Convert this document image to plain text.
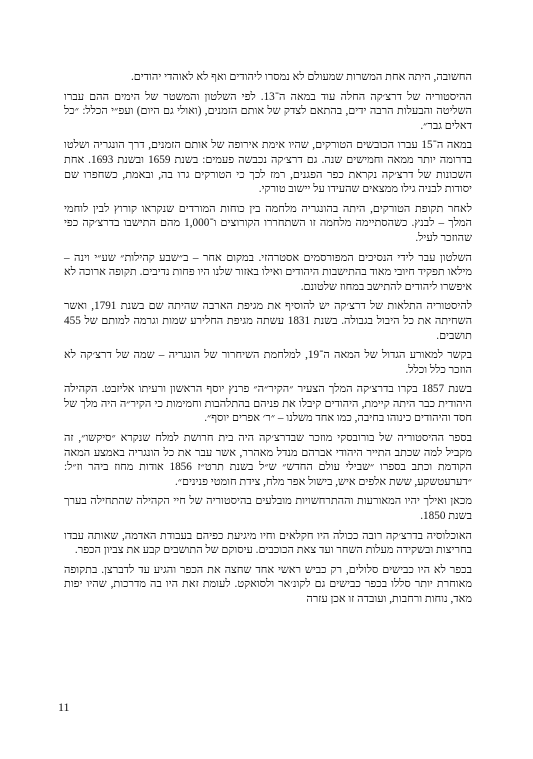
החשובה, היתה אחת המשרות שמעולם לא נמסרו ליהודים ואף לא לאוהדי יהודים.

ההיסטוריה של דרצ׳קה החלה עוד במאה ה־13. לפי השלטון והמשטר של הימים ההם עברו השליטה והבעלות הרבה ידים, בהתאם לצדק של אותם הזמנים, (ואולי גם היום) ועפ״י הכלל: ״כל דאלים גבר״.

במאה ה־15 עברו הכובשים הטורקים, שהיו אימת אירופה של אותם הזמנים, דרך הונגריה ושלטו בדרומה יותר ממאה וחמישים שנה. גם דרצ׳קה נכבשה פעמים: בשנת 1659 ובשנת 1693. אחת השכונות של דרצ׳קה נקראת כפר הפגנים, רמז לכך כי הטורקים גרו בה, ובאמת, כשחפרו שם יסודות לבניה גילו ממצאים שהעידו על יישוב טורקי.

לאחר תקופת הטורקים, היתה בהונגריה מלחמה בין כוחות המורדים שנקראו קורוץ לבין לוחמי המלך – לבנץ. כשהסתיימה מלחמה זו השתחררו הקורוצים ו־1,000 מהם התישבו בדרצ׳קה כפי שהוזכר לעיל.

השלטון עבר לידי הנסיכים המפורסמים אסטרהזי. במקום אחר – ב״שבע קהילות״ שע״י וינה – מילאו תפקיד חיובי מאוד בהתישבות היהודים ואילו באזור שלנו היו פחות נדיבים. תקופה ארוכה לא איפשרו ליהודים להתישב במחוז שלטונם.

להיסטוריה התלאות של דרצ׳קה יש להוסיף את מגיפת הארבה שהיתה שם בשנת 1791, ואשר השחיתה את כל היבול בגבולה. בשנת 1831 עשתה מגיפת החלירע שמות וגרמה למותם של 455 תושבים.

בקשר למאורע הגדול של המאה ה־19, למלחמת השיחרור של הונגריה – שמה של דרצ׳קה לא הוזכר כלל וכלל.

בשנת 1857 בקרו בדרצ׳קה המלך הצעיר ״הקיר״ה״ פרנץ יוסף הראשון ורעיתו אליזבט. הקהילה היהודית כבר היתה קיימת, היהודים קיבלו את פניהם בהתלהבות וחמימות כי הקיר״ה היה מלך של חסד והיהודים כינוהו בחיבה, כמו אחד משלנו – ״ר׳ אפרים יוסף״.

בספר ההיסטוריה של בורובסקי מוזכר שבדרצ׳קה היה בית חרושת למלח שנקרא ״סיקשו״, זה מקביל למה שכתב התייר היהודי אברהם מנדל מאהרר, אשר עבר את כל הונגריה באמצע המאה הקודמת וכתב בספרו ״שבילי עולם החדש״ ש״ל בשנת תרט״ז 1856 אודות מחוז ביהר וז״ל: ״דערעטשקע, ששת אלפים איש, בישול אפר מלח, צידת חומטי פנינים״.

מכאן ואילך יהיו המאורעות וההתרחשויות מובלעים בהיסטוריה של חיי הקהילה שהתחילה בערך בשנת 1850.

האוכלוסיה בדרצ׳קה רובה ככולה היו חקלאים וחיו מיגיעת כפיהם בעבודת האדמה, שאותה עבדו בחריצות ובשקידה מעלות השחר ועד צאת הכוכבים. עיסוקם של התושבים קבע את צביון הכפר.

בכפר לא היו כבישים סלולים, רק כביש ראשי אחד שחצה את הכפר והגיע עד לדברצן. בתקופה מאוחרת יותר סללו בכפר כבישים גם לקונ׳אר ולסואקט. לעומת זאת היו בה מדרכות, שהיו יפות מאד, נוחות ורחבות, ועובדה זו אכן עזרה

11
